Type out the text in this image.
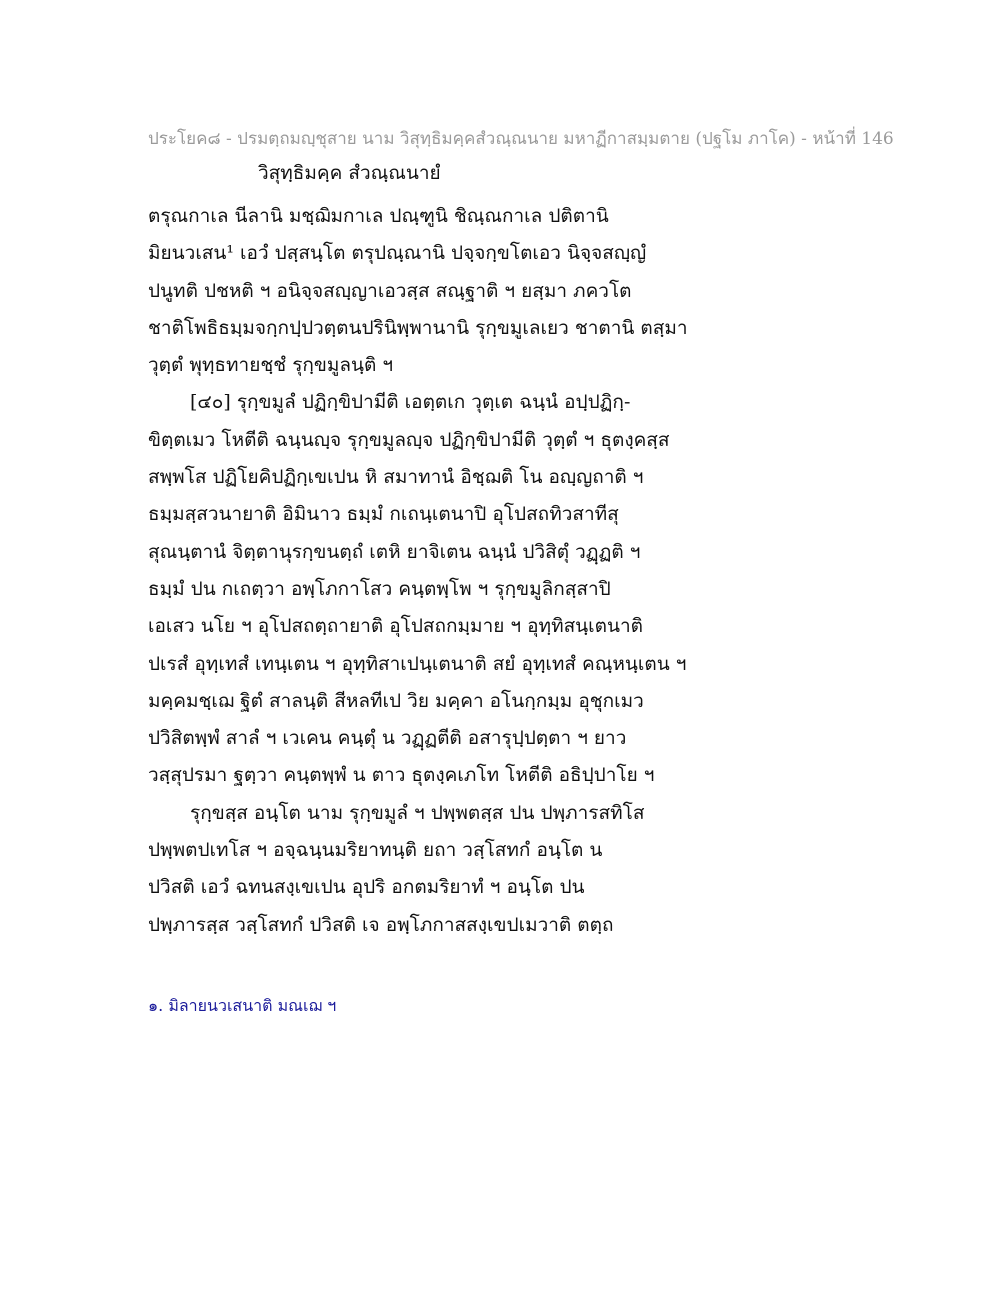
ประโยค๘ - ปรมตฺถมญฺชุสาย นาม วิสุทฺธิมคฺคสํวณฺณนาย มหาฏีกาสมฺมตาย (ปฐโม ภาโค) - หน้าที่ 146
วิสุทฺธิมคฺค สํวณฺณนายํ
ตรุณกาเล นีลานิ มชฺฌิมกาเล ปณฺฑูนิ ชิณฺณกาเล ปติตานิ
มิยนวเสน¹ เอวํ ปสฺสนฺโต ตรุปณฺณานิ ปจฺจกฺขโตเอว นิจฺจสญฺญํ
ปนูทติ ปชหติ ฯ อนิจฺจสญฺญาเอวสฺส สณฺฐาติ ฯ ยสฺมา ภควโต
ชาติโพธิธมฺมจกฺกปฺปวตฺตนปรินิพฺพานานิ รุกฺขมูเลเยว ชาตานิ ตสฺมา
วุตฺตํ พุทฺธทายชฺชํ รุกฺขมูลนฺติ ฯ
[๔๐] รุกฺขมูลํ ปฏิกฺขิปามีติ เอตฺตเก วุตฺเต ฉนฺนํ อปฺปฏิกฺ-
ขิตฺตเมว โหตีติ ฉนฺนญฺจ รุกฺขมูลญฺจ ปฏิกฺขิปามีติ วุตฺตํ ฯ ธุตงฺคสฺส
สพฺพโส ปฏิโยคิปฏิกฺเขเปน หิ สมาทานํ อิชฺฌติ โน อญฺญถาติ ฯ
ธมฺมสฺสวนายาติ อิมินาว ธมฺมํ กเถนฺเตนาปิ อุโปสถทิวสาทีสุ
สุณนฺตานํ จิตฺตานุรกฺขนตฺถํ เตหิ ยาจิเตน ฉนฺนํ ปวิสิตุํ วฏฺฏติ ฯ
ธมฺมํ ปน กเถตฺวา อพฺโภกาโสว คนฺตพฺโพ ฯ รุกฺขมูลิกสฺสาปิ
เอเสว นโย ฯ อุโปสถตฺถายาติ อุโปสถกมฺมาย ฯ อุทฺทิสนฺเตนาติ
ปเรสํ อุทฺเทสํ เทนฺเตน ฯ อุทฺทิสาเปนฺเตนาติ สยํ อุทฺเทสํ คณฺหนฺเตน ฯ
มคฺคมชฺเฌ ฐิตํ สาลนฺติ สีหลทีเป วิย มคฺคา อโนกฺกมฺม อุชุกเมว
ปวิสิตพฺพํ สาลํ ฯ เวเคน คนฺตุํ น วฏฺฏตีติ อสารุปฺปตฺตา ฯ ยาว
วสฺสุปรมา ฐตฺวา คนฺตพฺพํ น ตาว ธุตงฺคเภโท โหตีติ อธิปฺปาโย ฯ
รุกฺขสฺส อนฺโต นาม รุกฺขมูลํ ฯ ปพฺพตสฺส ปน ปพฺภารสทิโส
ปพฺพตปเทโส ฯ อจฺฉนฺนมริยาทนฺติ ยถา วสฺโสทกํ อนฺโต น
ปวิสติ เอวํ ฉทนสงฺเขเปน อุปริ อกตมริยาทํ ฯ อนฺโต ปน
ปพฺภารสฺส วสฺโสทกํ ปวิสติ เจ อพฺโภกาสสงฺเขปเมวาติ ตตฺถ
๑. มิลายนวเสนาติ มณเฌ ฯ
